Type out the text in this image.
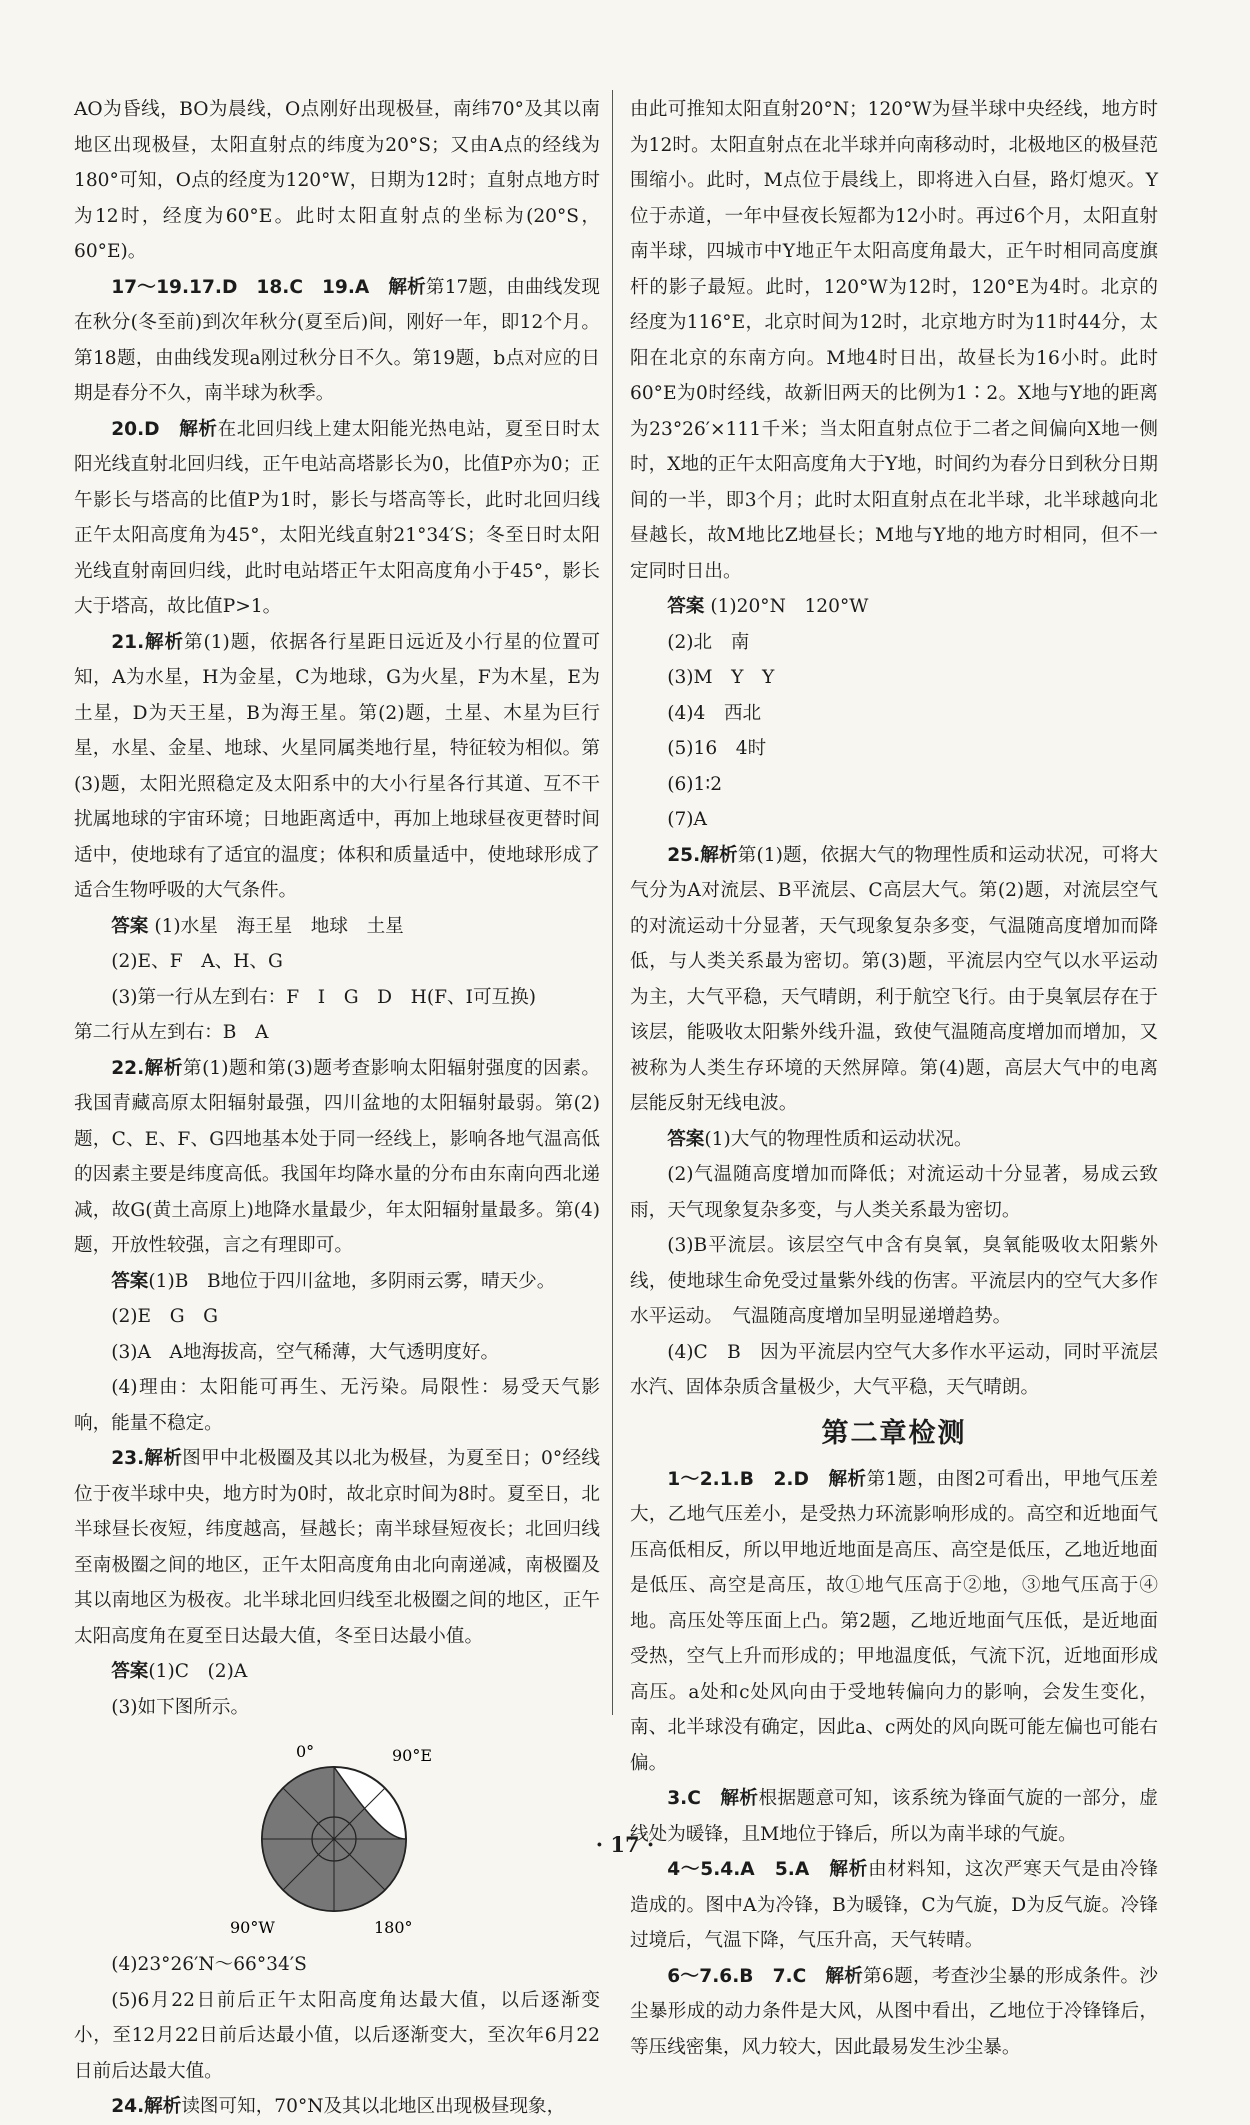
AO为昏线，BO为晨线，O点刚好出现极昼，南纬70°及其以南地区出现极昼，太阳直射点的纬度为20°S；又由A点的经线为180°可知，O点的经度为120°W，日期为12时；直射点地方时为12时，经度为60°E。此时太阳直射点的坐标为(20°S，60°E)。

17～19.17.D　18.C　19.A　解析第17题，由曲线发现在秋分(冬至前)到次年秋分(夏至后)间，刚好一年，即12个月。第18题，由曲线发现a刚过秋分日不久。第19题，b点对应的日期是春分不久，南半球为秋季。

20.D　解析在北回归线上建太阳能光热电站，夏至日时太阳光线直射北回归线，正午电站高塔影长为0，比值P亦为0；正午影长与塔高的比值P为1时，影长与塔高等长，此时北回归线正午太阳高度角为45°，太阳光线直射21°34′S；冬至日时太阳光线直射南回归线，此时电站塔正午太阳高度角小于45°，影长大于塔高，故比值P>1。

21.解析第(1)题，依据各行星距日远近及小行星的位置可知，A为水星，H为金星，C为地球，G为火星，F为木星，E为土星，D为天王星，B为海王星。第(2)题，土星、木星为巨行星，水星、金星、地球、火星同属类地行星，特征较为相似。第(3)题，太阳光照稳定及太阳系中的大小行星各行其道、互不干扰属地球的宇宙环境；日地距离适中，再加上地球昼夜更替时间适中，使地球有了适宜的温度；体积和质量适中，使地球形成了适合生物呼吸的大气条件。

答案 (1)水星　海王星　地球　土星

(2)E、F　A、H、G

(3)第一行从左到右：F　I　G　D　H(F、I可互换)

第二行从左到右：B　A

22.解析第(1)题和第(3)题考查影响太阳辐射强度的因素。我国青藏高原太阳辐射最强，四川盆地的太阳辐射最弱。第(2)题，C、E、F、G四地基本处于同一经线上，影响各地气温高低的因素主要是纬度高低。我国年均降水量的分布由东南向西北递减，故G(黄土高原上)地降水量最少，年太阳辐射量最多。第(4)题，开放性较强，言之有理即可。

答案(1)B　B地位于四川盆地，多阴雨云雾，晴天少。

(2)E　G　G

(3)A　A地海拔高，空气稀薄，大气透明度好。

(4)理由：太阳能可再生、无污染。局限性：易受天气影响，能量不稳定。

23.解析图甲中北极圈及其以北为极昼，为夏至日；0°经线位于夜半球中央，地方时为0时，故北京时间为8时。夏至日，北半球昼长夜短，纬度越高，昼越长；南半球昼短夜长；北回归线至南极圈之间的地区，正午太阳高度角由北向南递减，南极圈及其以南地区为极夜。北半球北回归线至北极圈之间的地区，正午太阳高度角在夏至日达最大值，冬至日达最小值。

答案(1)C　(2)A

(3)如下图所示。

0°	90°E
90°W	180°

(4)23°26′N～66°34′S

(5)6月22日前后正午太阳高度角达最大值，以后逐渐变小，至12月22日前后达最小值，以后逐渐变大，至次年6月22日前后达最大值。

24.解析读图可知，70°N及其以北地区出现极昼现象，

由此可推知太阳直射20°N；120°W为昼半球中央经线，地方时为12时。太阳直射点在北半球并向南移动时，北极地区的极昼范围缩小。此时，M点位于晨线上，即将进入白昼，路灯熄灭。Y位于赤道，一年中昼夜长短都为12小时。再过6个月，太阳直射南半球，四城市中Y地正午太阳高度角最大，正午时相同高度旗杆的影子最短。此时，120°W为12时，120°E为4时。北京的经度为116°E，北京时间为12时，北京地方时为11时44分，太阳在北京的东南方向。M地4时日出，故昼长为16小时。此时60°E为0时经线，故新旧两天的比例为1∶2。X地与Y地的距离为23°26′×111千米；当太阳直射点位于二者之间偏向X地一侧时，X地的正午太阳高度角大于Y地，时间约为春分日到秋分日期间的一半，即3个月；此时太阳直射点在北半球，北半球越向北昼越长，故M地比Z地昼长；M地与Y地的地方时相同，但不一定同时日出。

答案 (1)20°N　120°W

(2)北　南

(3)M　Y　Y

(4)4　西北

(5)16　4时

(6)1∶2

(7)A

25.解析第(1)题，依据大气的物理性质和运动状况，可将大气分为A对流层、B平流层、C高层大气。第(2)题，对流层空气的对流运动十分显著，天气现象复杂多变，气温随高度增加而降低，与人类关系最为密切。第(3)题，平流层内空气以水平运动为主，大气平稳，天气晴朗，利于航空飞行。由于臭氧层存在于该层，能吸收太阳紫外线升温，致使气温随高度增加而增加，又被称为人类生存环境的天然屏障。第(4)题，高层大气中的电离层能反射无线电波。

答案(1)大气的物理性质和运动状况。

(2)气温随高度增加而降低；对流运动十分显著，易成云致雨，天气现象复杂多变，与人类关系最为密切。

(3)B平流层。该层空气中含有臭氧，臭氧能吸收太阳紫外线，使地球生命免受过量紫外线的伤害。平流层内的空气大多作水平运动。　气温随高度增加呈明显递增趋势。

(4)C　B　因为平流层内空气大多作水平运动，同时平流层水汽、固体杂质含量极少，大气平稳，天气晴朗。

第二章检测

1～2.1.B　2.D　解析第1题，由图2可看出，甲地气压差大，乙地气压差小，是受热力环流影响形成的。高空和近地面气压高低相反，所以甲地近地面是高压、高空是低压，乙地近地面是低压、高空是高压，故①地气压高于②地，③地气压高于④地。高压处等压面上凸。第2题，乙地近地面气压低，是近地面受热，空气上升而形成的；甲地温度低，气流下沉，近地面形成高压。a处和c处风向由于受地转偏向力的影响，会发生变化，南、北半球没有确定，因此a、c两处的风向既可能左偏也可能右偏。

3.C　解析根据题意可知，该系统为锋面气旋的一部分，虚线处为暖锋，且M地位于锋后，所以为南半球的气旋。

4～5.4.A　5.A　解析由材料知，这次严寒天气是由冷锋造成的。图中A为冷锋，B为暖锋，C为气旋，D为反气旋。冷锋过境后，气温下降，气压升高，天气转晴。

6～7.6.B　7.C　解析第6题，考查沙尘暴的形成条件。沙尘暴形成的动力条件是大风，从图中看出，乙地位于冷锋锋后，等压线密集，风力较大，因此最易发生沙尘暴。

· 17 ·
